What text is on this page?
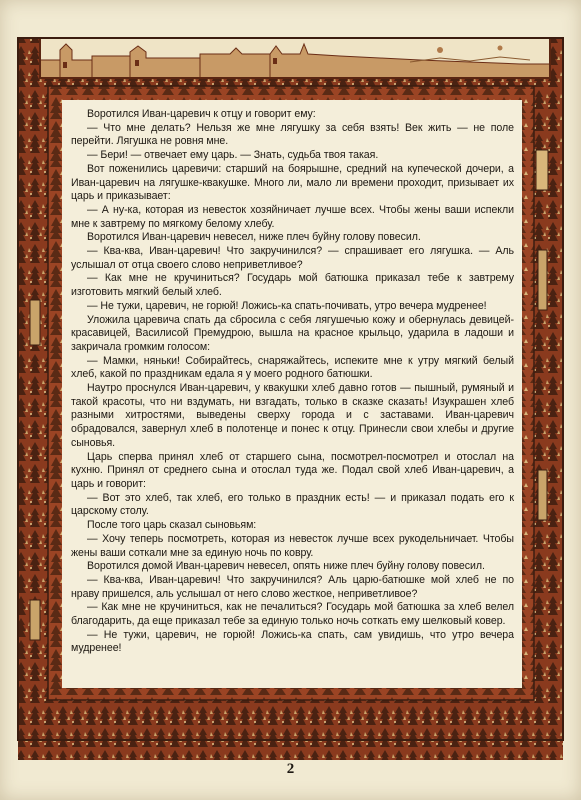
Воротился Иван-царевич к отцу и говорит ему:

— Что мне делать? Нельзя же мне лягушку за себя взять! Век жить — не поле перейти. Лягушка не ровня мне.

— Бери! — отвечает ему царь. — Знать, судьба твоя такая.

Вот поженились царевичи: старший на боярышне, средний на купеческой дочери, а Иван-царевич на лягушке-квакушке. Много ли, мало ли времени проходит, призывает их царь и приказывает:

— А ну-ка, которая из невесток хозяйничает лучше всех. Чтобы жены ваши испекли мне к завтрему по мягкому белому хлебу.

Воротился Иван-царевич невесел, ниже плеч буйну голову повесил.

— Ква-ква, Иван-царевич! Что закручинился? — спрашивает его лягушка. — Аль услышал от отца своего слово неприветливое?

— Как мне не кручиниться? Государь мой батюшка приказал тебе к завтрему изготовить мягкий белый хлеб.

— Не тужи, царевич, не горюй! Ложись-ка спать-почивать, утро вечера мудренее!

Уложила царевича спать да сбросила с себя лягушечью кожу и обернулась девицей-красавицей, Василисой Премудрою, вышла на красное крыльцо, ударила в ладоши и закричала громким голосом:

— Мамки, няньки! Собирайтесь, снаряжайтесь, испеките мне к утру мягкий белый хлеб, какой по праздникам едала я у моего родного батюшки.

Наутро проснулся Иван-царевич, у квакушки хлеб давно готов — пышный, румяный и такой красоты, что ни вздумать, ни взгадать, только в сказке сказать! Изукрашен хлеб разными хитростями, выведены сверху города и с заставами. Иван-царевич обрадовался, завернул хлеб в полотенце и понес к отцу. Принесли свои хлебы и другие сыновья.

Царь сперва принял хлеб от старшего сына, посмотрел-посмотрел и отослал на кухню. Принял от среднего сына и отослал туда же. Подал свой хлеб Иван-царевич, а царь и говорит:

— Вот это хлеб, так хлеб, его только в праздник есть! — и приказал подать его к царскому столу.

После того царь сказал сыновьям:

— Хочу теперь посмотреть, которая из невесток лучше всех рукодельничает. Чтобы жены ваши соткали мне за единую ночь по ковру.

Воротился домой Иван-царевич невесел, опять ниже плеч буйну голову повесил.

— Ква-ква, Иван-царевич! Что закручинился? Аль царю-батюшке мой хлеб не по нраву пришелся, аль услышал от него слово жесткое, неприветливое?

— Как мне не кручиниться, как не печалиться? Государь мой батюшка за хлеб велел благодарить, да еще приказал тебе за единую только ночь соткать ему шелковый ковер.

— Не тужи, царевич, не горюй! Ложись-ка спать, сам увидишь, что утро вечера мудренее!

2
